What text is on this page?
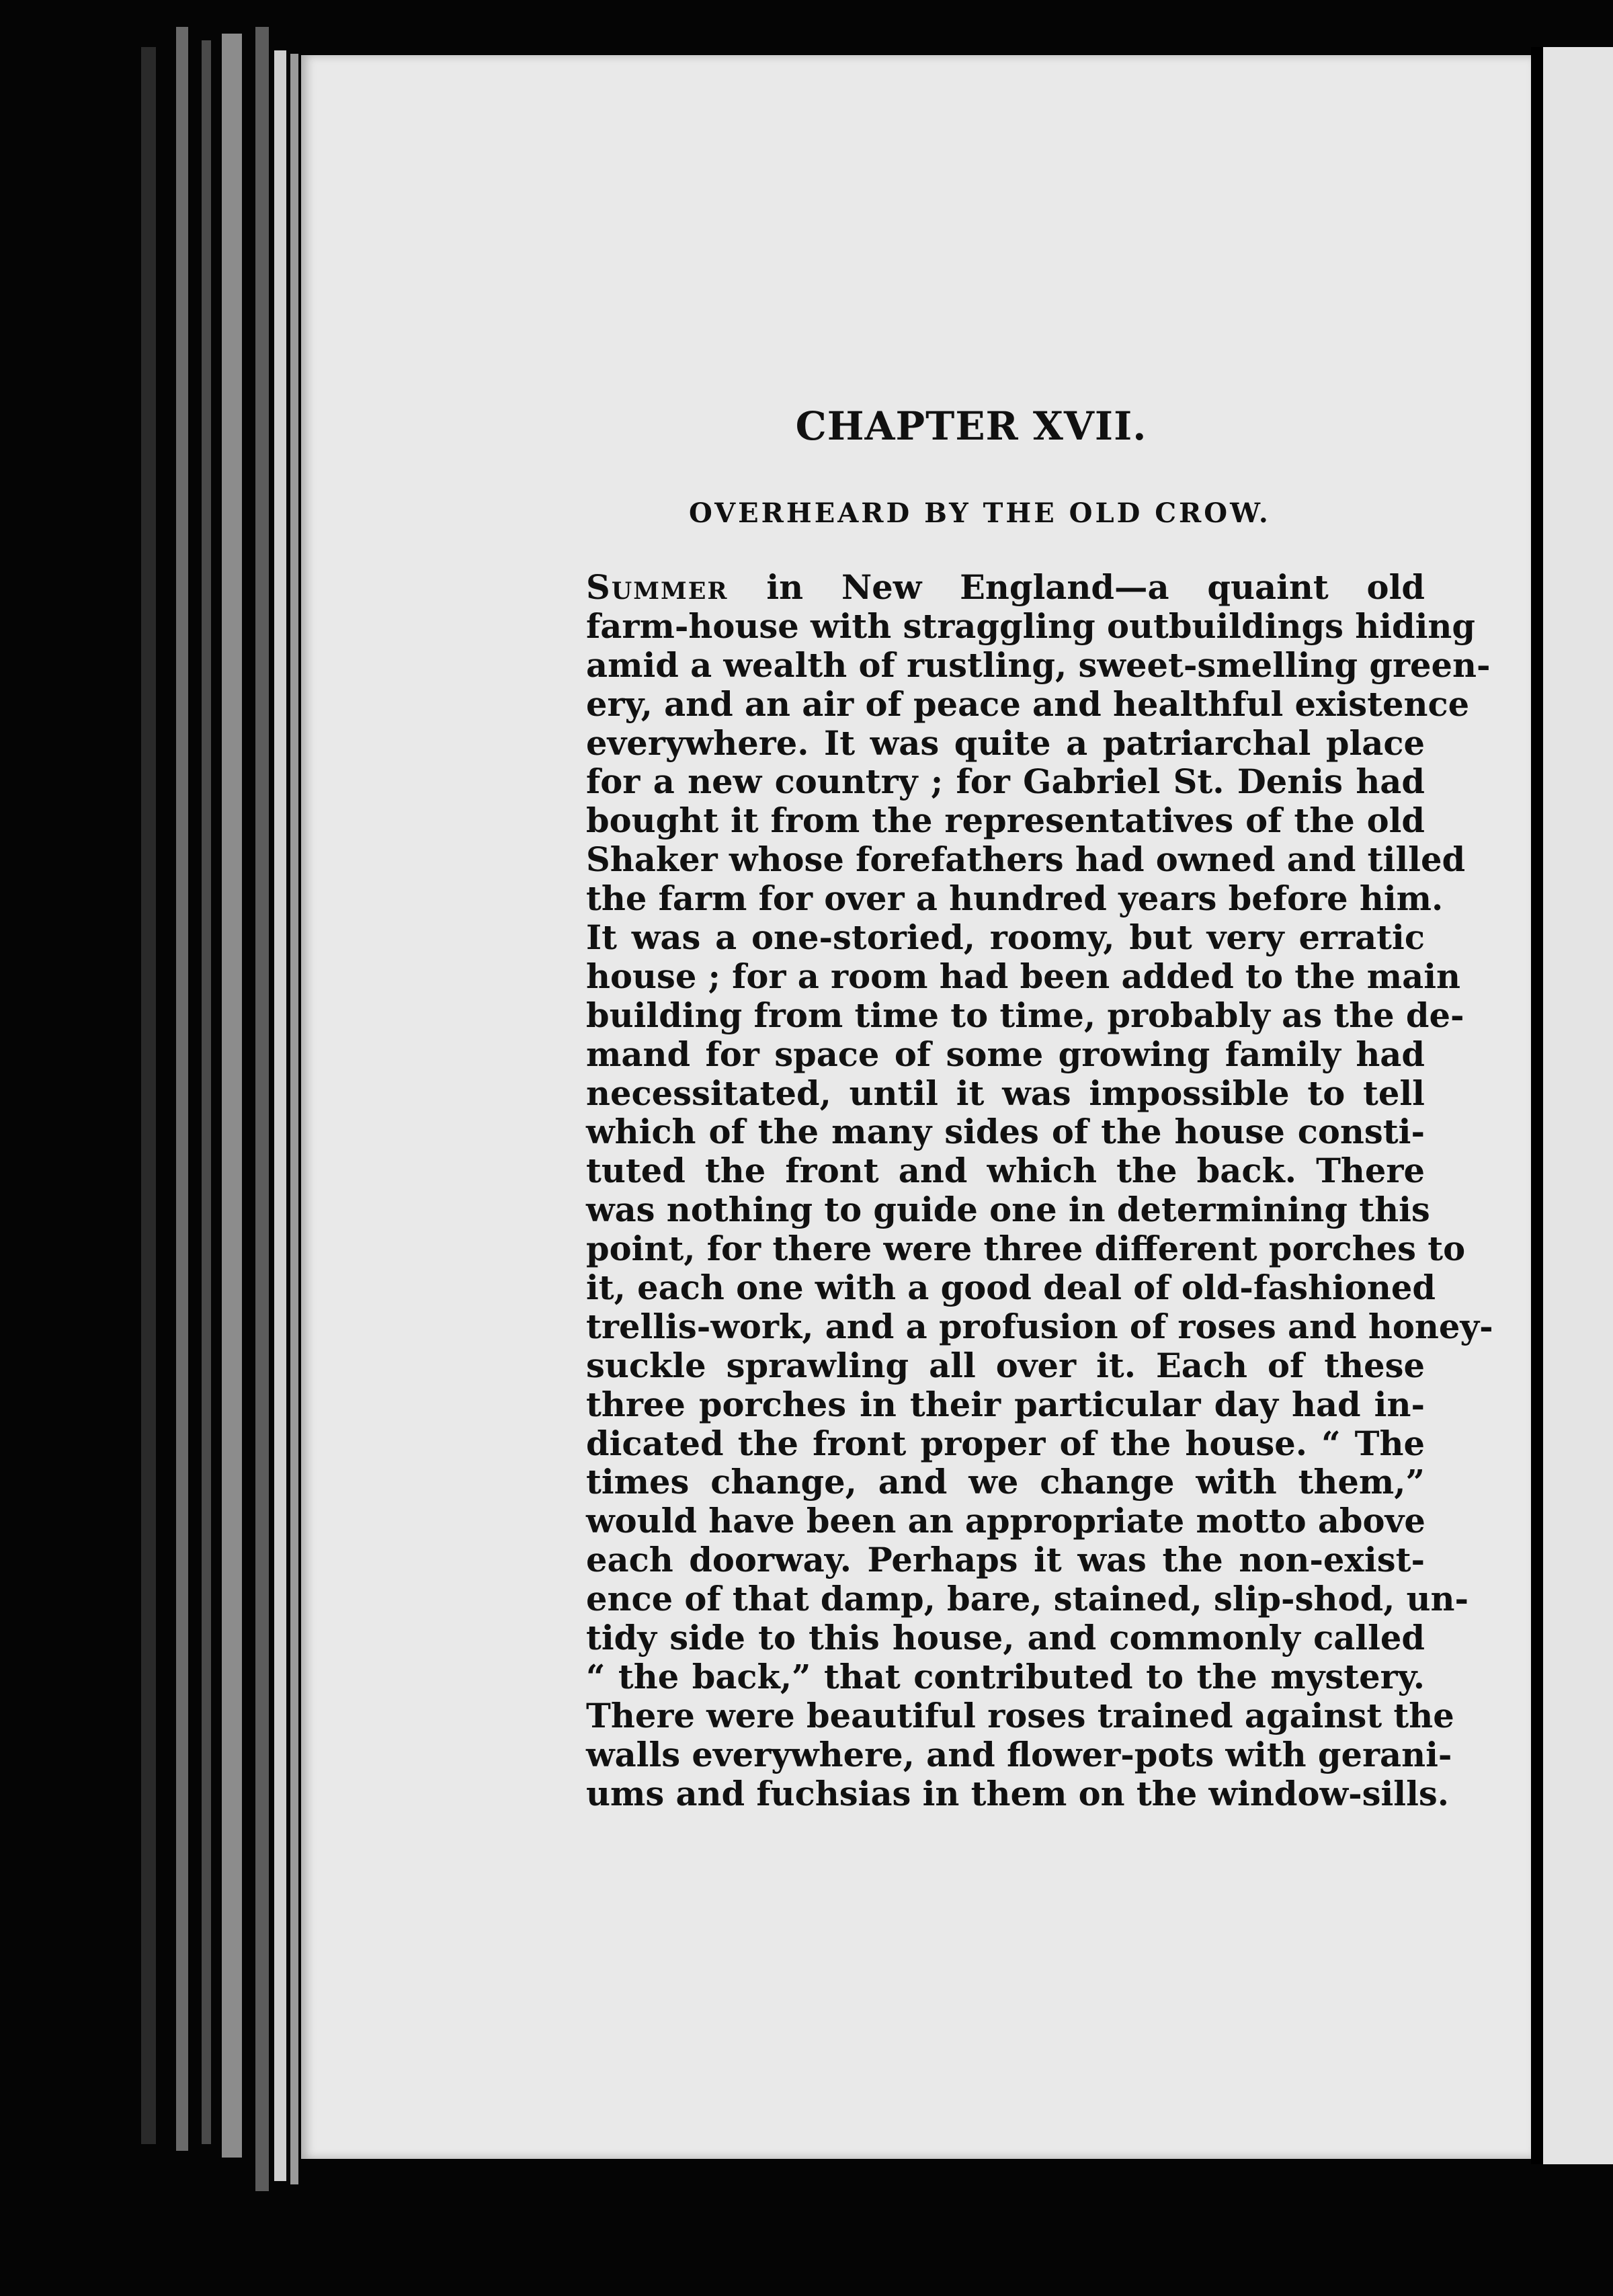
CHAPTER XVII.
OVERHEARD BY THE OLD CROW.
Summer in New England—a quaint old
farm-house with straggling outbuildings hiding
amid a wealth of rustling, sweet-smelling green-
ery, and an air of peace and healthful existence
everywhere. It was quite a patriarchal place
for a new country ; for Gabriel St. Denis had
bought it from the representatives of the old
Shaker whose forefathers had owned and tilled
the farm for over a hundred years before him.
It was a one-storied, roomy, but very erratic
house ; for a room had been added to the main
building from time to time, probably as the de-
mand for space of some growing family had
necessitated, until it was impossible to tell
which of the many sides of the house consti-
tuted the front and which the back. There
was nothing to guide one in determining this
point, for there were three different porches to
it, each one with a good deal of old-fashioned
trellis-work, and a profusion of roses and honey-
suckle sprawling all over it. Each of these
three porches in their particular day had in-
dicated the front proper of the house. “ The
times change, and we change with them,”
would have been an appropriate motto above
each doorway. Perhaps it was the non-exist-
ence of that damp, bare, stained, slip-shod, un-
tidy side to this house, and commonly called
“ the back,” that contributed to the mystery.
There were beautiful roses trained against the
walls everywhere, and flower-pots with gerani-
ums and fuchsias in them on the window-sills.
